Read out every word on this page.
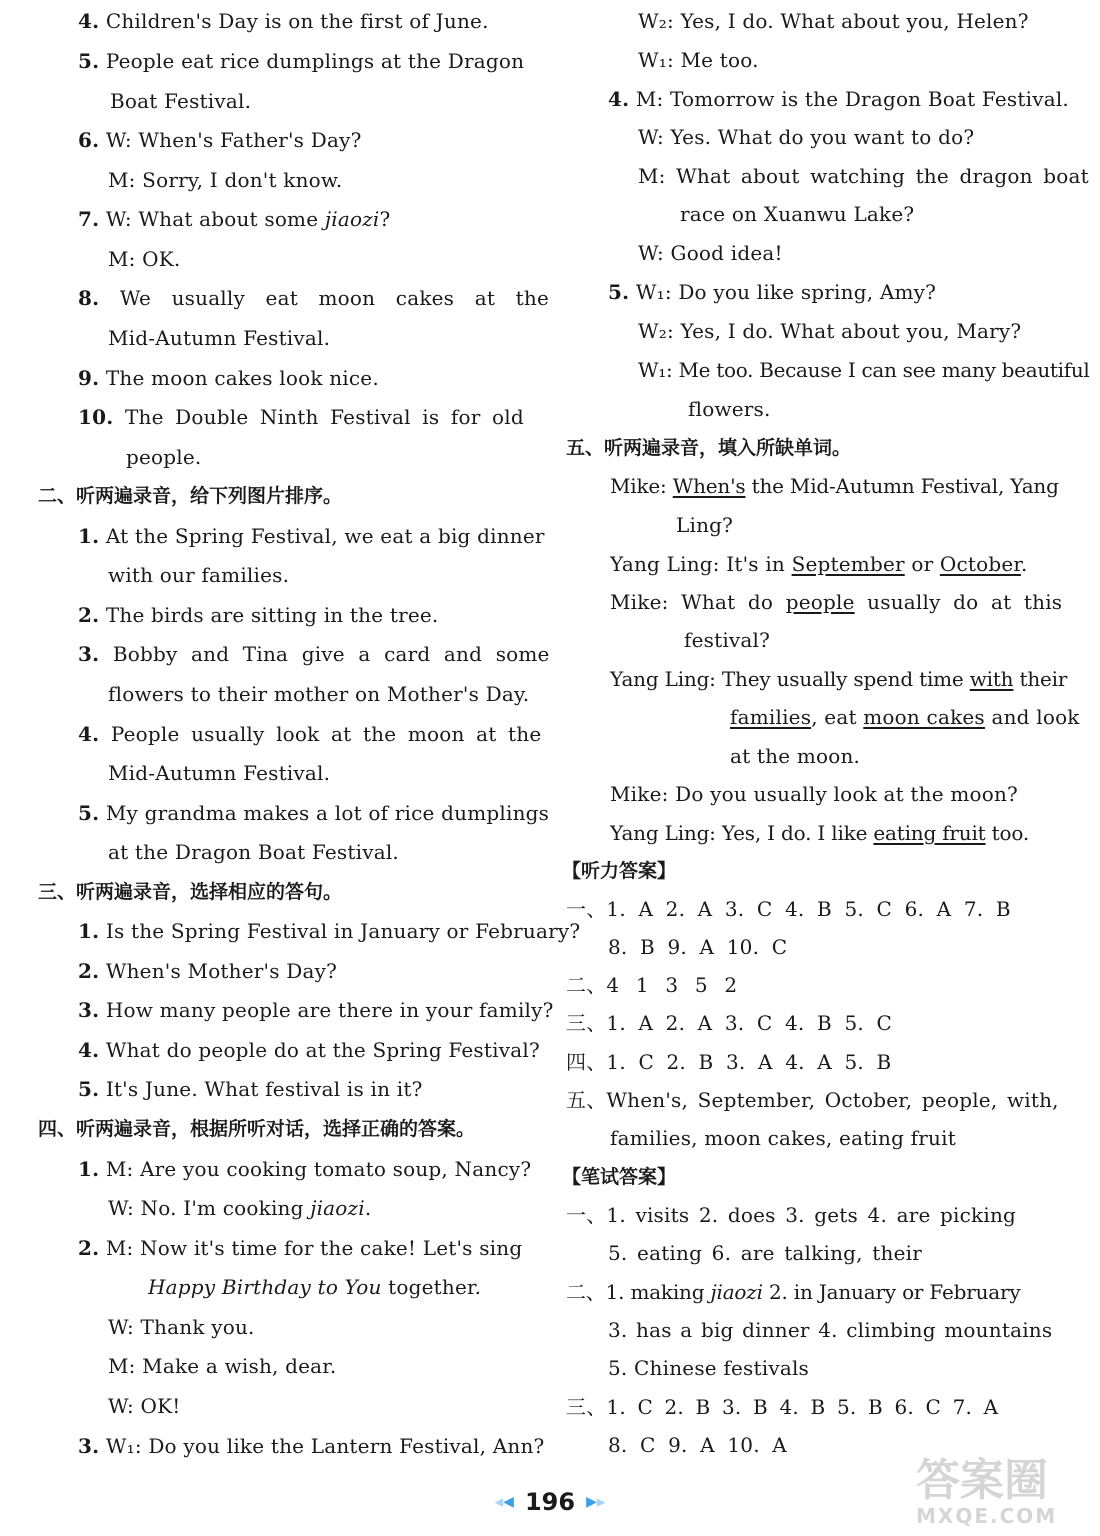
4. Children's Day is on the first of June.
5. People eat rice dumplings at the Dragon
Boat Festival.
6. W: When's Father's Day?
M: Sorry, I don't know.
7. W: What about some jiaozi?
M: OK.
8. We usually eat moon cakes at the
Mid-Autumn Festival.
9. The moon cakes look nice.
10. The Double Ninth Festival is for old
people.
二、听两遍录音，给下列图片排序。
1. At the Spring Festival, we eat a big dinner
with our families.
2. The birds are sitting in the tree.
3. Bobby and Tina give a card and some
flowers to their mother on Mother's Day.
4. People usually look at the moon at the
Mid-Autumn Festival.
5. My grandma makes a lot of rice dumplings
at the Dragon Boat Festival.
三、听两遍录音，选择相应的答句。
1. Is the Spring Festival in January or February?
2. When's Mother's Day?
3. How many people are there in your family?
4. What do people do at the Spring Festival?
5. It's June. What festival is in it?
四、听两遍录音，根据所听对话，选择正确的答案。
1. M: Are you cooking tomato soup, Nancy?
W: No. I'm cooking jiaozi.
2. M: Now it's time for the cake! Let's sing
Happy Birthday to You together.
W: Thank you.
M: Make a wish, dear.
W: OK!
3. W₁: Do you like the Lantern Festival, Ann?
W₂: Yes, I do. What about you, Helen?
W₁: Me too.
4. M: Tomorrow is the Dragon Boat Festival.
W: Yes. What do you want to do?
M: What about watching the dragon boat
race on Xuanwu Lake?
W: Good idea!
5. W₁: Do you like spring, Amy?
W₂: Yes, I do. What about you, Mary?
W₁: Me too. Because I can see many beautiful
flowers.
五、听两遍录音，填入所缺单词。
Mike: When's the Mid-Autumn Festival, Yang
Ling?
Yang Ling: It's in September or October.
Mike: What do people usually do at this
festival?
Yang Ling: They usually spend time with their
families, eat moon cakes and look
at the moon.
Mike: Do you usually look at the moon?
Yang Ling: Yes, I do. I like eating fruit too.
【听力答案】
一、1. A 2. A 3. C 4. B 5. C 6. A 7. B
8. B 9. A 10. C
二、4 1 3 5 2
三、1. A 2. A 3. C 4. B 5. C
四、1. C 2. B 3. A 4. A 5. B
五、When's, September, October, people, with,
families, moon cakes, eating fruit
【笔试答案】
一、1. visits 2. does 3. gets 4. are picking
5. eating 6. are talking, their
二、1. making jiaozi 2. in January or February
3. has a big dinner 4. climbing mountains
5. Chinese festivals
三、1. C 2. B 3. B 4. B 5. B 6. C 7. A
8. C 9. A 10. A
◀◀ 196 ▶▶	答案圈
MXQE.COM
